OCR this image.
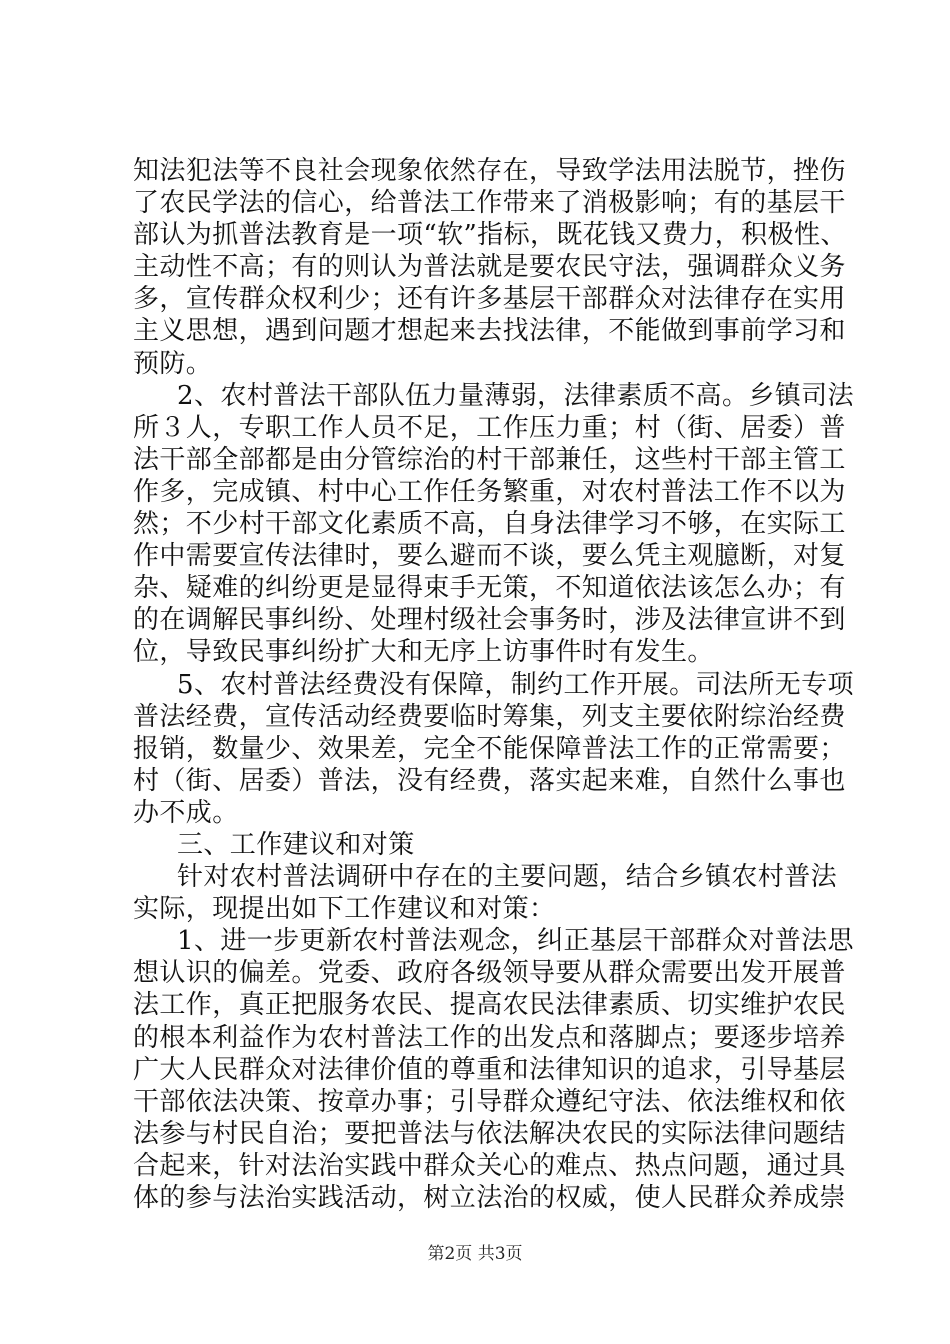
知法犯法等不良社会现象依然存在，导致学法用法脱节，挫伤
了农民学法的信心，给普法工作带来了消极影响；有的基层干
部认为抓普法教育是一项“软”指标，既花钱又费力，积极性、
主动性不高；有的则认为普法就是要农民守法，强调群众义务
多，宣传群众权利少；还有许多基层干部群众对法律存在实用
主义思想，遇到问题才想起来去找法律，不能做到事前学习和
预防。
2、农村普法干部队伍力量薄弱，法律素质不高。乡镇司法
所３人，专职工作人员不足，工作压力重；村（街、居委）普
法干部全部都是由分管综治的村干部兼任，这些村干部主管工
作多，完成镇、村中心工作任务繁重，对农村普法工作不以为
然；不少村干部文化素质不高，自身法律学习不够，在实际工
作中需要宣传法律时，要么避而不谈，要么凭主观臆断，对复
杂、疑难的纠纷更是显得束手无策，不知道依法该怎么办；有
的在调解民事纠纷、处理村级社会事务时，涉及法律宣讲不到
位，导致民事纠纷扩大和无序上访事件时有发生。
5、农村普法经费没有保障，制约工作开展。司法所无专项
普法经费，宣传活动经费要临时筹集，列支主要依附综治经费
报销，数量少、效果差，完全不能保障普法工作的正常需要；
村（街、居委）普法，没有经费，落实起来难，自然什么事也
办不成。
三、工作建议和对策
针对农村普法调研中存在的主要问题，结合乡镇农村普法
实际，现提出如下工作建议和对策：
1、进一步更新农村普法观念，纠正基层干部群众对普法思
想认识的偏差。党委、政府各级领导要从群众需要出发开展普
法工作，真正把服务农民、提高农民法律素质、切实维护农民
的根本利益作为农村普法工作的出发点和落脚点；要逐步培养
广大人民群众对法律价值的尊重和法律知识的追求，引导基层
干部依法决策、按章办事；引导群众遵纪守法、依法维权和依
法参与村民自治；要把普法与依法解决农民的实际法律问题结
合起来，针对法治实践中群众关心的难点、热点问题，通过具
体的参与法治实践活动，树立法治的权威，使人民群众养成崇
第2页 共3页
